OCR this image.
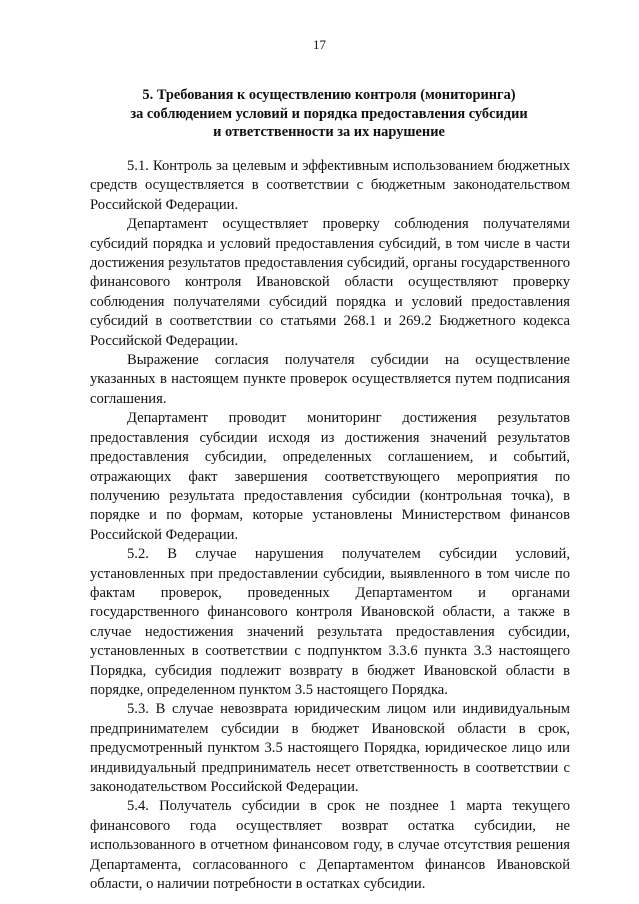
17
5. Требования к осуществлению контроля (мониторинга)
за соблюдением условий и порядка предоставления субсидии
и ответственности за их нарушение

5.1. Контроль за целевым и эффективным использованием бюджетных средств осуществляется в соответствии с бюджетным законодательством Российской Федерации.

Департамент осуществляет проверку соблюдения получателями субсидий порядка и условий предоставления субсидий, в том числе в части достижения результатов предоставления субсидий, органы государственного финансового контроля Ивановской области осуществляют проверку соблюдения получателями субсидий порядка и условий предоставления субсидий в соответствии со статьями 268.1 и 269.2 Бюджетного кодекса Российской Федерации.

Выражение согласия получателя субсидии на осуществление указанных в настоящем пункте проверок осуществляется путем подписания соглашения.

Департамент проводит мониторинг достижения результатов предоставления субсидии исходя из достижения значений результатов предоставления субсидии, определенных соглашением, и событий, отражающих факт завершения соответствующего мероприятия по получению результата предоставления субсидии (контрольная точка), в порядке и по формам, которые установлены Министерством финансов Российской Федерации.

5.2. В случае нарушения получателем субсидии условий, установленных при предоставлении субсидии, выявленного в том числе по фактам проверок, проведенных Департаментом и органами государственного финансового контроля Ивановской области, а также в случае недостижения значений результата предоставления субсидии, установленных в соответствии с подпунктом 3.3.6 пункта 3.3 настоящего Порядка, субсидия подлежит возврату в бюджет Ивановской области в порядке, определенном пунктом 3.5 настоящего Порядка.

5.3. В случае невозврата юридическим лицом или индивидуальным предпринимателем субсидии в бюджет Ивановской области в срок, предусмотренный пунктом 3.5 настоящего Порядка, юридическое лицо или индивидуальный предприниматель несет ответственность в соответствии с законодательством Российской Федерации.

5.4. Получатель субсидии в срок не позднее 1 марта текущего финансового года осуществляет возврат остатка субсидии, не использованного в отчетном финансовом году, в случае отсутствия решения Департамента, согласованного с Департаментом финансов Ивановской области, о наличии потребности в остатках субсидии.
